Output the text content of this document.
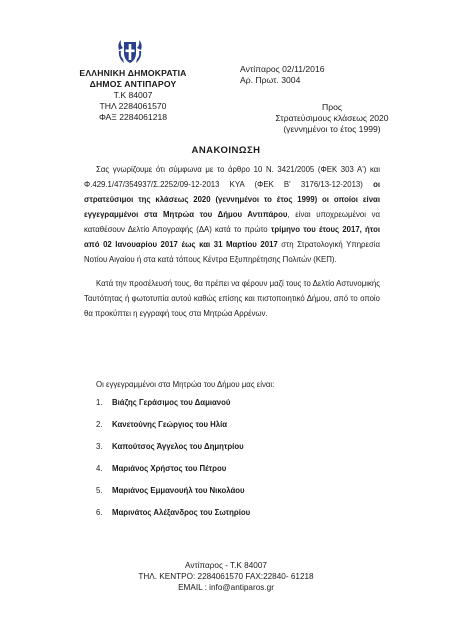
ΕΛΛΗΝΙΚΗ ΔΗΜΟΚΡΑΤΙΑ
ΔΗΜΟΣ ΑΝΤΙΠΑΡΟΥ
Τ.Κ 84007
ΤΗΛ 2284061570
ΦΑΞ 2284061218
Αντίπαρος 02/11/2016
Αρ. Πρωτ. 3004
Προς
Στρατεύσιμους κλάσεως 2020
(γεννημένοι το έτος 1999)
ΑΝΑΚΟΙΝΩΣΗ

Σας γνωρίζουμε ότι σύμφωνα με το άρθρο 10 Ν. 3421/2005 (ΦΕΚ 303 Α') και Φ.429.1/47/354937/Σ.2252/09-12-2013 ΚΥΑ (ΦΕΚ Β' 3176/13-12-2013) οι στρατεύσιμοι της κλάσεως 2020 (γεννημένοι το έτος 1999) οι οποίοι είναι εγγεγραμμένοι στα Μητρώα του Δήμου Αντιπάρου, είναι υποχρεωμένοι να καταθέσουν Δελτίο Απογραφής (ΔΑ) κατά το πρώτο τρίμηνο του έτους 2017, ήτοι από 02 Ιανουαρίου 2017 έως και 31 Μαρτίου 2017 στη Στρατολογική Υπηρεσία Νοτίου Αιγαίου ή στα κατά τόπους Κέντρα Εξυπηρέτησης Πολιτών (ΚΕΠ).

Κατά την προσέλευσή τους, θα πρέπει να φέρουν μαζί τους το Δελτίο Αστυνομικής Ταυτότητας ή φωτοτυπία αυτού καθώς επίσης και πιστοποιητικό Δήμου, από το οποίο θα προκύπτει η εγγραφή τους στα Μητρώα Αρρένων.

Οι εγγεγραμμένοι στα Μητρώα του Δήμου μας είναι:
1.	Βιάζης Γεράσιμος του Δαμιανού
2.	Κανετούνης Γεώργιος του Ηλία
3.	Καπούτσος Άγγελος του Δημητρίου
4.	Μαριάνος Χρήστος του Πέτρου
5.	Μαριάνος Εμμανουήλ του Νικολάου
6.	Μαρινάτος Αλέξανδρος του Σωτηρίου
Αντίπαρος - Τ.Κ 84007
ΤΗΛ. ΚΕΝΤΡΟ: 2284061570 FAX:22840- 61218
EMAIL : info@antiparos.gr
